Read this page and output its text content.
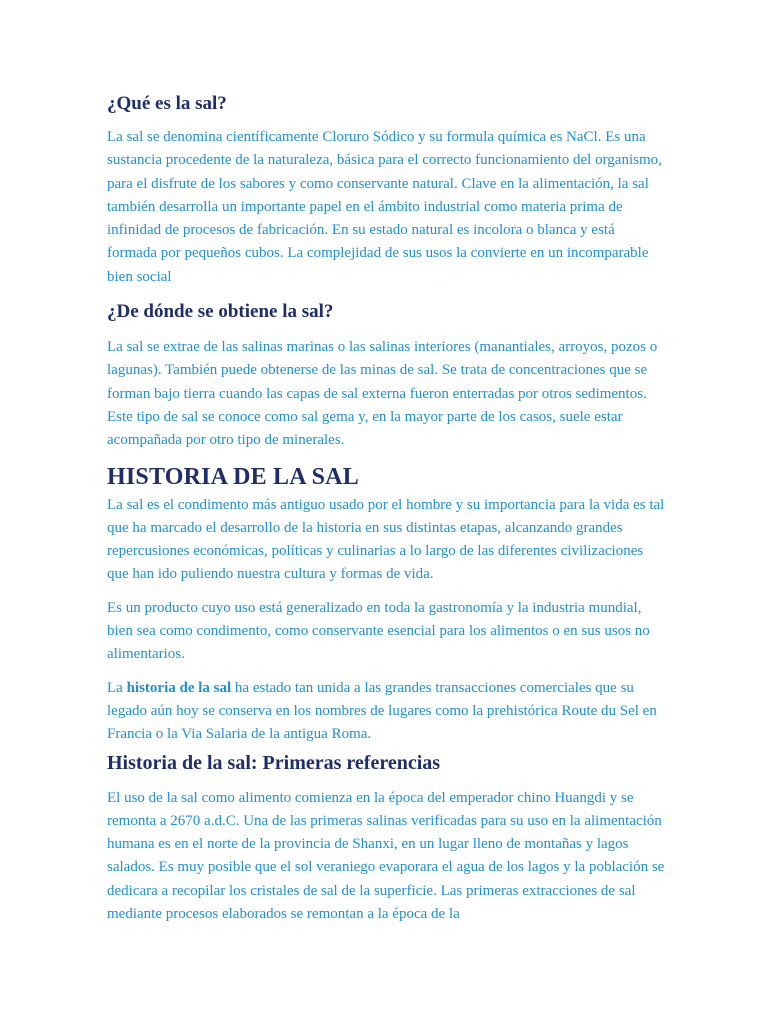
¿Qué es la sal?

La sal se denomina científicamente Cloruro Sódico y su formula química es NaCl. Es una sustancia procedente de la naturaleza, básica para el correcto funcionamiento del organismo, para el disfrute de los sabores y como conservante natural. Clave en la alimentación, la sal también desarrolla un importante papel en el ámbito industrial como materia prima de infinidad de procesos de fabricación. En su estado natural es incolora o blanca y está formada por pequeños cubos. La complejidad de sus usos la convierte en un incomparable bien social

¿De dónde se obtiene la sal?

La sal se extrae de las salinas marinas o las salinas interiores (manantiales, arroyos, pozos o lagunas). También puede obtenerse de las minas de sal. Se trata de concentraciones que se forman bajo tierra cuando las capas de sal externa fueron enterradas por otros sedimentos. Este tipo de sal se conoce como sal gema y, en la mayor parte de los casos, suele estar acompañada por otro tipo de minerales.

HISTORIA DE LA SAL

La sal es el condimento más antiguo usado por el hombre y su importancia para la vida es tal que ha marcado el desarrollo de la historia en sus distintas etapas, alcanzando grandes repercusiones económicas, políticas y culinarias a lo largo de las diferentes civilizaciones que han ido puliendo nuestra cultura y formas de vida.

Es un producto cuyo uso está generalizado en toda la gastronomía y la industria mundial, bien sea como condimento, como conservante esencial para los alimentos o en sus usos no alimentarios.

La historia de la sal ha estado tan unida a las grandes transacciones comerciales que su legado aún hoy se conserva en los nombres de lugares como la prehistórica Route du Sel en Francia o la Via Salaria de la antigua Roma.

Historia de la sal: Primeras referencias

El uso de la sal como alimento comienza en la época del emperador chino Huangdi y se remonta a 2670 a.d.C. Una de las primeras salinas verificadas para su uso en la alimentación humana es en el norte de la provincia de Shanxi, en un lugar lleno de montañas y lagos salados. Es muy posible que el sol veraniego evaporara el agua de los lagos y la población se dedicara a recopilar los cristales de sal de la superficie. Las primeras extracciones de sal mediante procesos elaborados se remontan a la época de la
